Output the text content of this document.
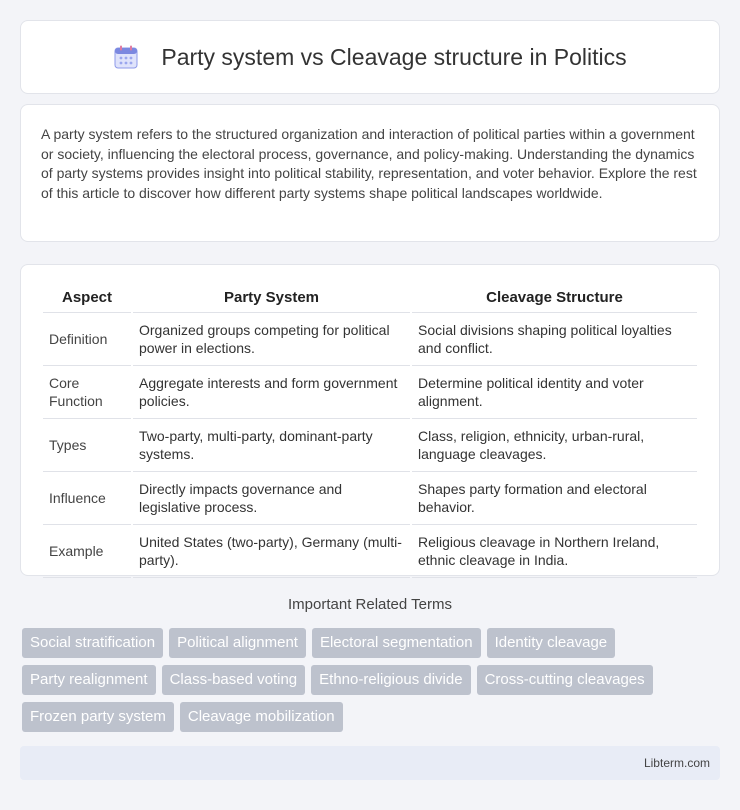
Party system vs Cleavage structure in Politics

A party system refers to the structured organization and interaction of political parties within a government or society, influencing the electoral process, governance, and policy-making. Understanding the dynamics of party systems provides insight into political stability, representation, and voter behavior. Explore the rest of this article to discover how different party systems shape political landscapes worldwide.

Aspect	Party System	Cleavage Structure
Definition	Organized groups competing for political power in elections.	Social divisions shaping political loyalties and conflict.
Core Function	Aggregate interests and form government policies.	Determine political identity and voter alignment.
Types	Two-party, multi-party, dominant-party systems.	Class, religion, ethnicity, urban-rural, language cleavages.
Influence	Directly impacts governance and legislative process.	Shapes party formation and electoral behavior.
Example	United States (two-party), Germany (multi-party).	Religious cleavage in Northern Ireland, ethnic cleavage in India.
Important Related Terms
Social stratification	Political alignment	Electoral segmentation	Identity cleavage
Party realignment	Class-based voting	Ethno-religious divide	Cross-cutting cleavages
Frozen party system	Cleavage mobilization
Libterm.com
